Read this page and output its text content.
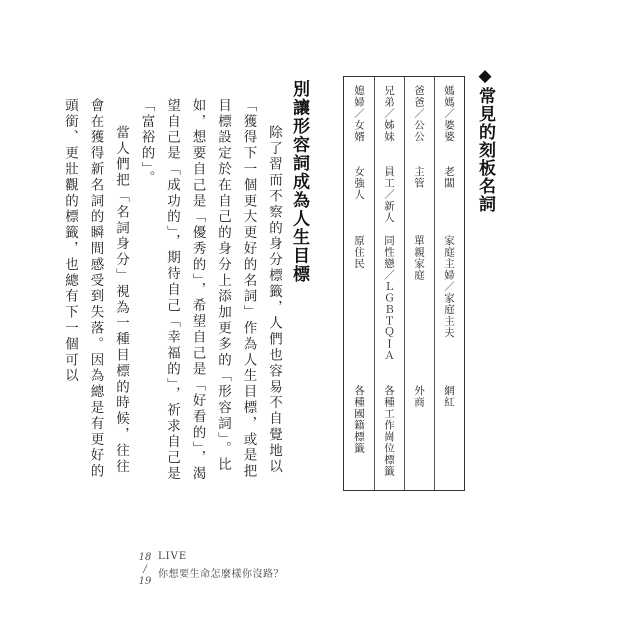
◆常見的刻板名詞
媳婦／女婿
女強人
原住民
各種國籍標籤
兄弟／姊妹
員工／新人
同性戀／ＬＧＢＴＱＩＡ
各種工作崗位標籤
爸爸／公公
主管
單親家庭
外商
媽媽／婆婆
老闆
家庭主婦／家庭主夫
網紅
別讓形容詞成為人生目標

除了習而不察的身分標籤，人們也容易不自覺地以「獲得下一個更大更好的名詞」作為人生目標，或是把目標設定於在自己的身分上添加更多的「形容詞」。比如，想要自己是「優秀的」，希望自己是「好看的」，渴望自己是「成功的」，期待自己「幸福的」，祈求自己是「富裕的」。

當人們把「名詞身分」視為一種目標的時候，往往會在獲得新名詞的瞬間感受到失落。因為總是有更好的頭銜、更壯觀的標籤，也總有下一個可以

18
/
19
LIVE
你想要生命怎麼樣你沒路？
